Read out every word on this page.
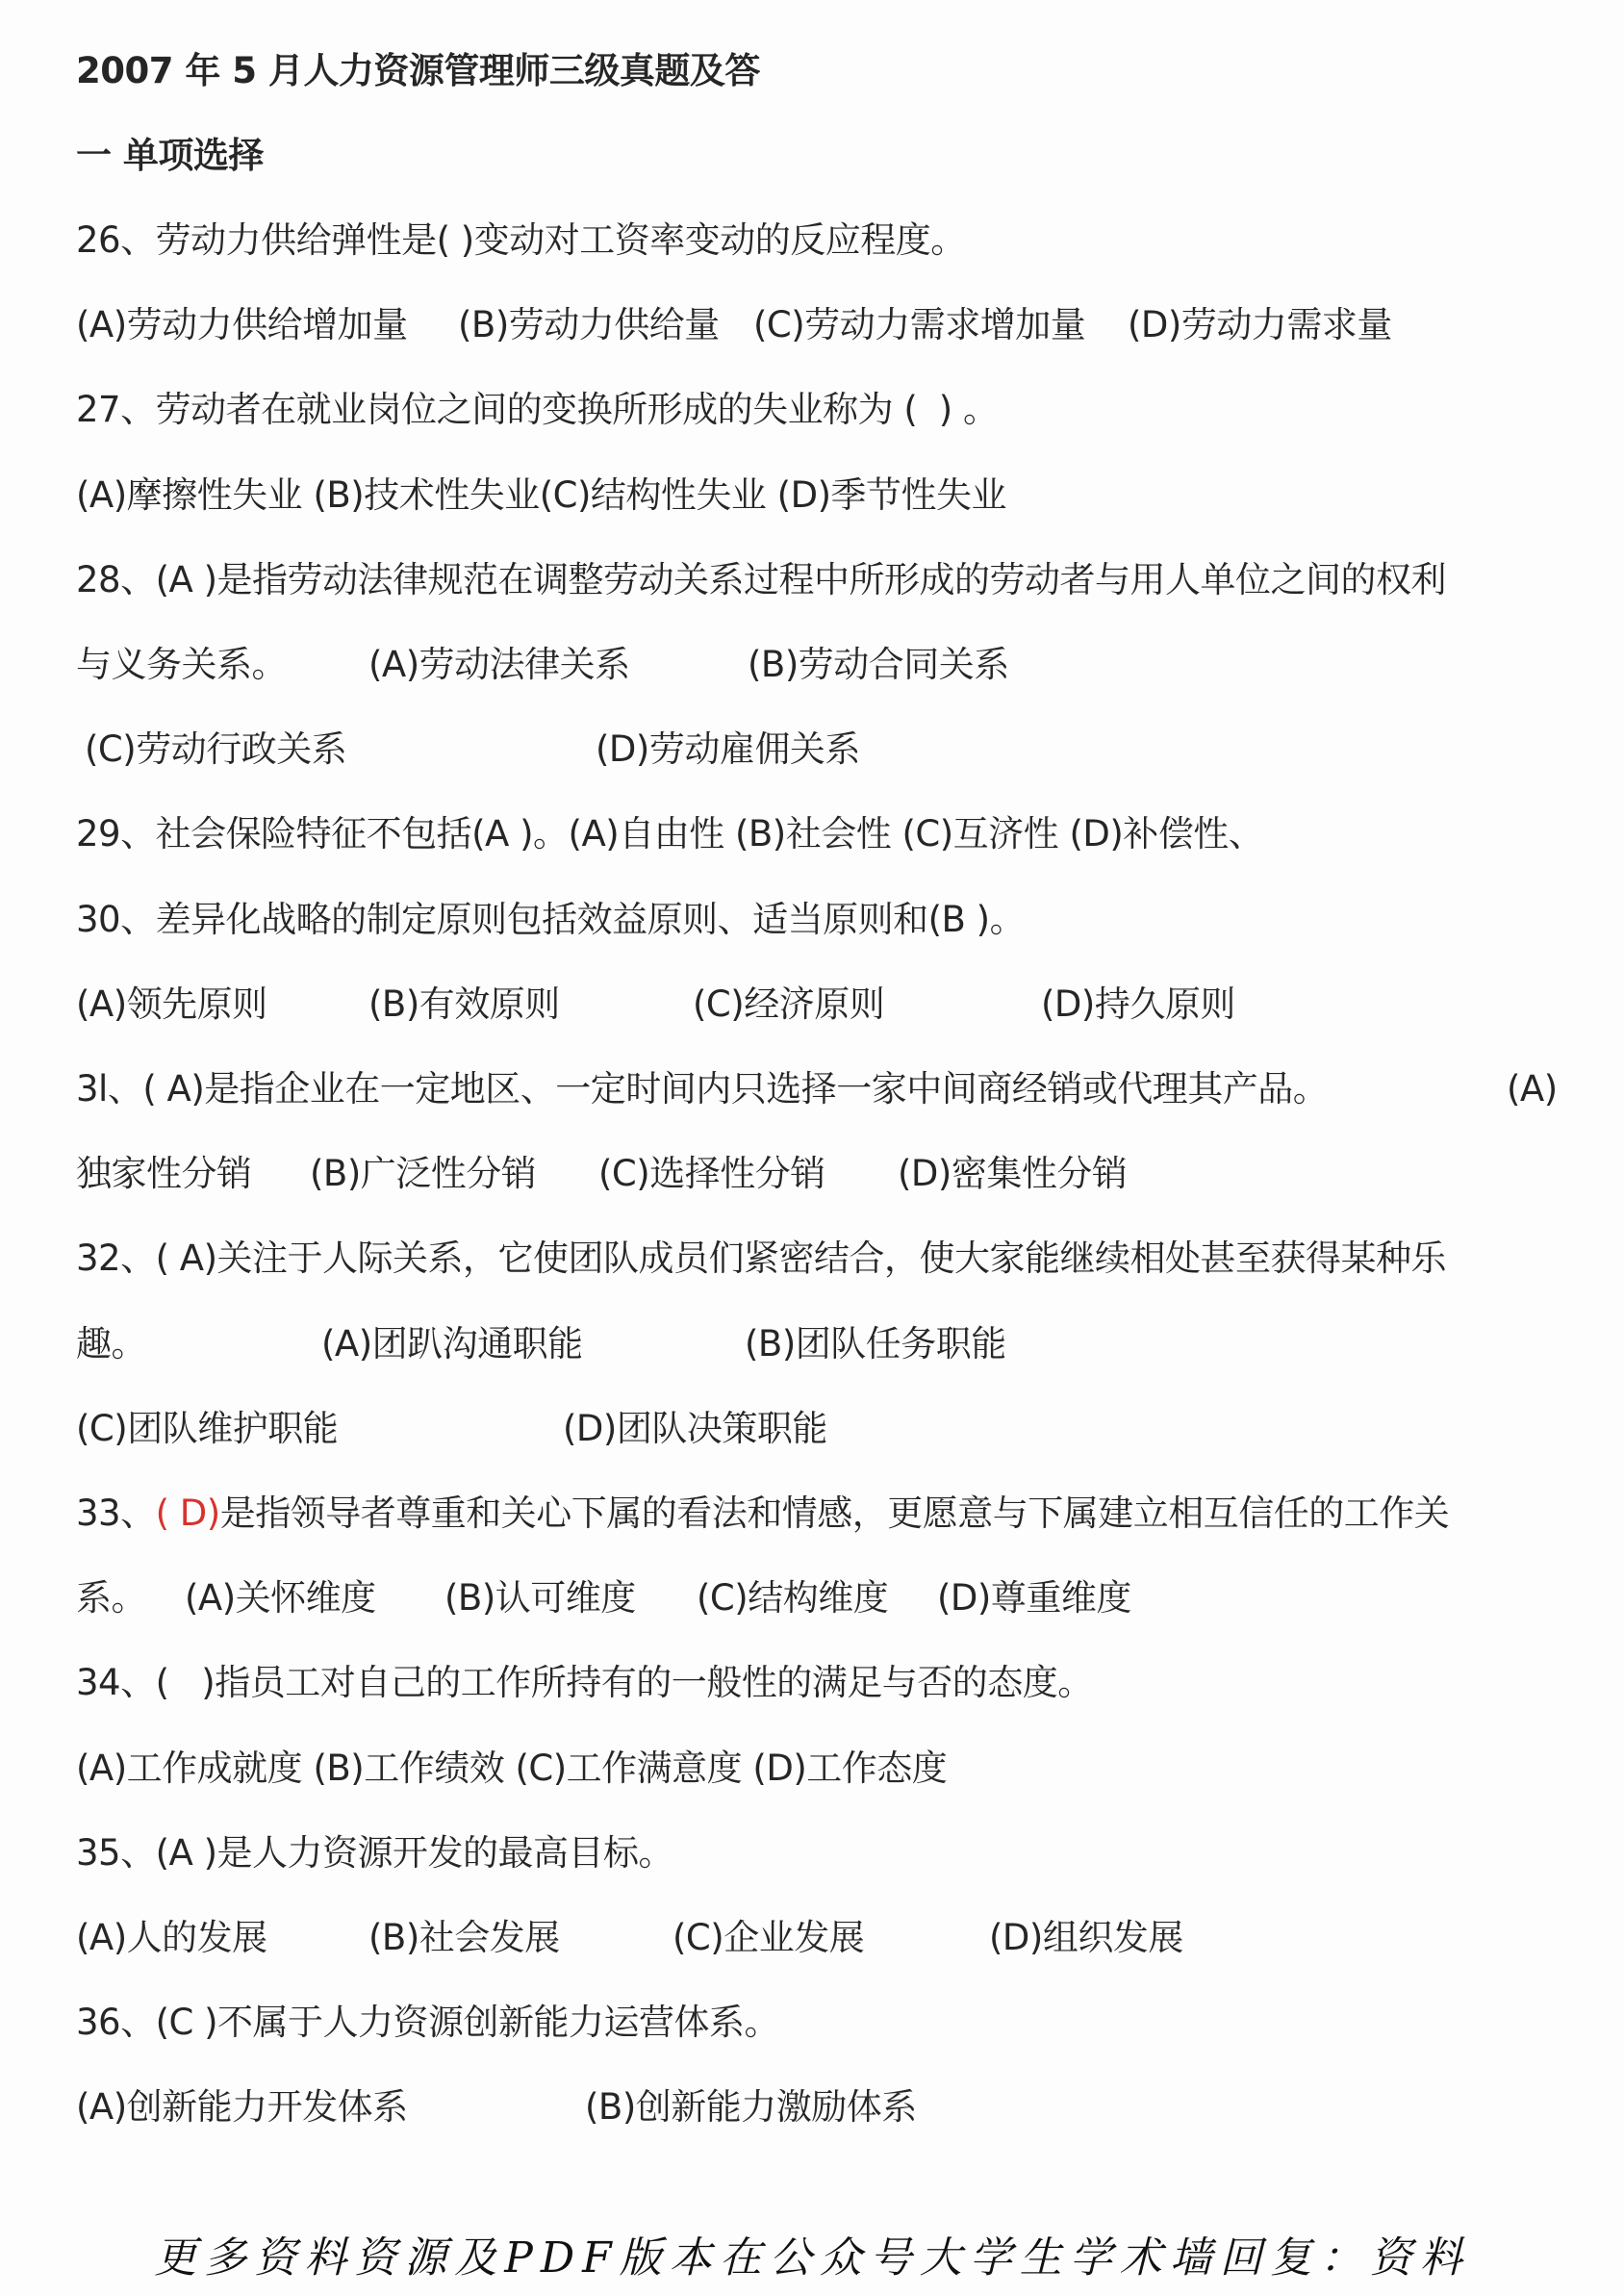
2007 年 5 月人力资源管理师三级真题及答
一 单项选择
26、劳动力供给弹性是( )变动对工资率变动的反应程度。
(A)劳动力供给增加量 (B)劳动力供给量 (C)劳动力需求增加量 (D)劳动力需求量
27、劳动者在就业岗位之间的变换所形成的失业称为 (  ) 。
(A)摩擦性失业 (B)技术性失业(C)结构性失业 (D)季节性失业
28、(A )是指劳动法律规范在调整劳动关系过程中所形成的劳动者与用人单位之间的权利
与义务关系。 (A)劳动法律关系	(B)劳动合同关系
(C)劳动行政关系	(D)劳动雇佣关系
29、社会保险特征不包括(A )。(A)自由性 (B)社会性 (C)互济性 (D)补偿性、
30、差异化战略的制定原则包括效益原则、适当原则和(B )。
(A)领先原则	(B)有效原则	(C)经济原则	(D)持久原则
3l、( A)是指企业在一定地区、一定时间内只选择一家中间商经销或代理其产品。	(A)
独家性分销 (B)广泛性分销 (C)选择性分销 (D)密集性分销
32、( A)关注于人际关系，它使团队成员们紧密结合，使大家能继续相处甚至获得某种乐
趣。	(A)团趴沟通职能	(B)团队任务职能
(C)团队维护职能	(D)团队决策职能
33、( D)是指领导者尊重和关心下属的看法和情感，更愿意与下属建立相互信任的工作关
系。 (A)关怀维度 (B)认可维度 (C)结构维度 (D)尊重维度
34、(   )指员工对自己的工作所持有的一般性的满足与否的态度。
(A)工作成就度 (B)工作绩效 (C)工作满意度 (D)工作态度
35、(A )是人力资源开发的最高目标。
(A)人的发展	(B)社会发展	(C)企业发展	(D)组织发展
36、(C )不属于人力资源创新能力运营体系。
(A)创新能力开发体系	(B)创新能力激励体系
更多资料资源及PDF版本在公众号大学生学术墙回复：资料
